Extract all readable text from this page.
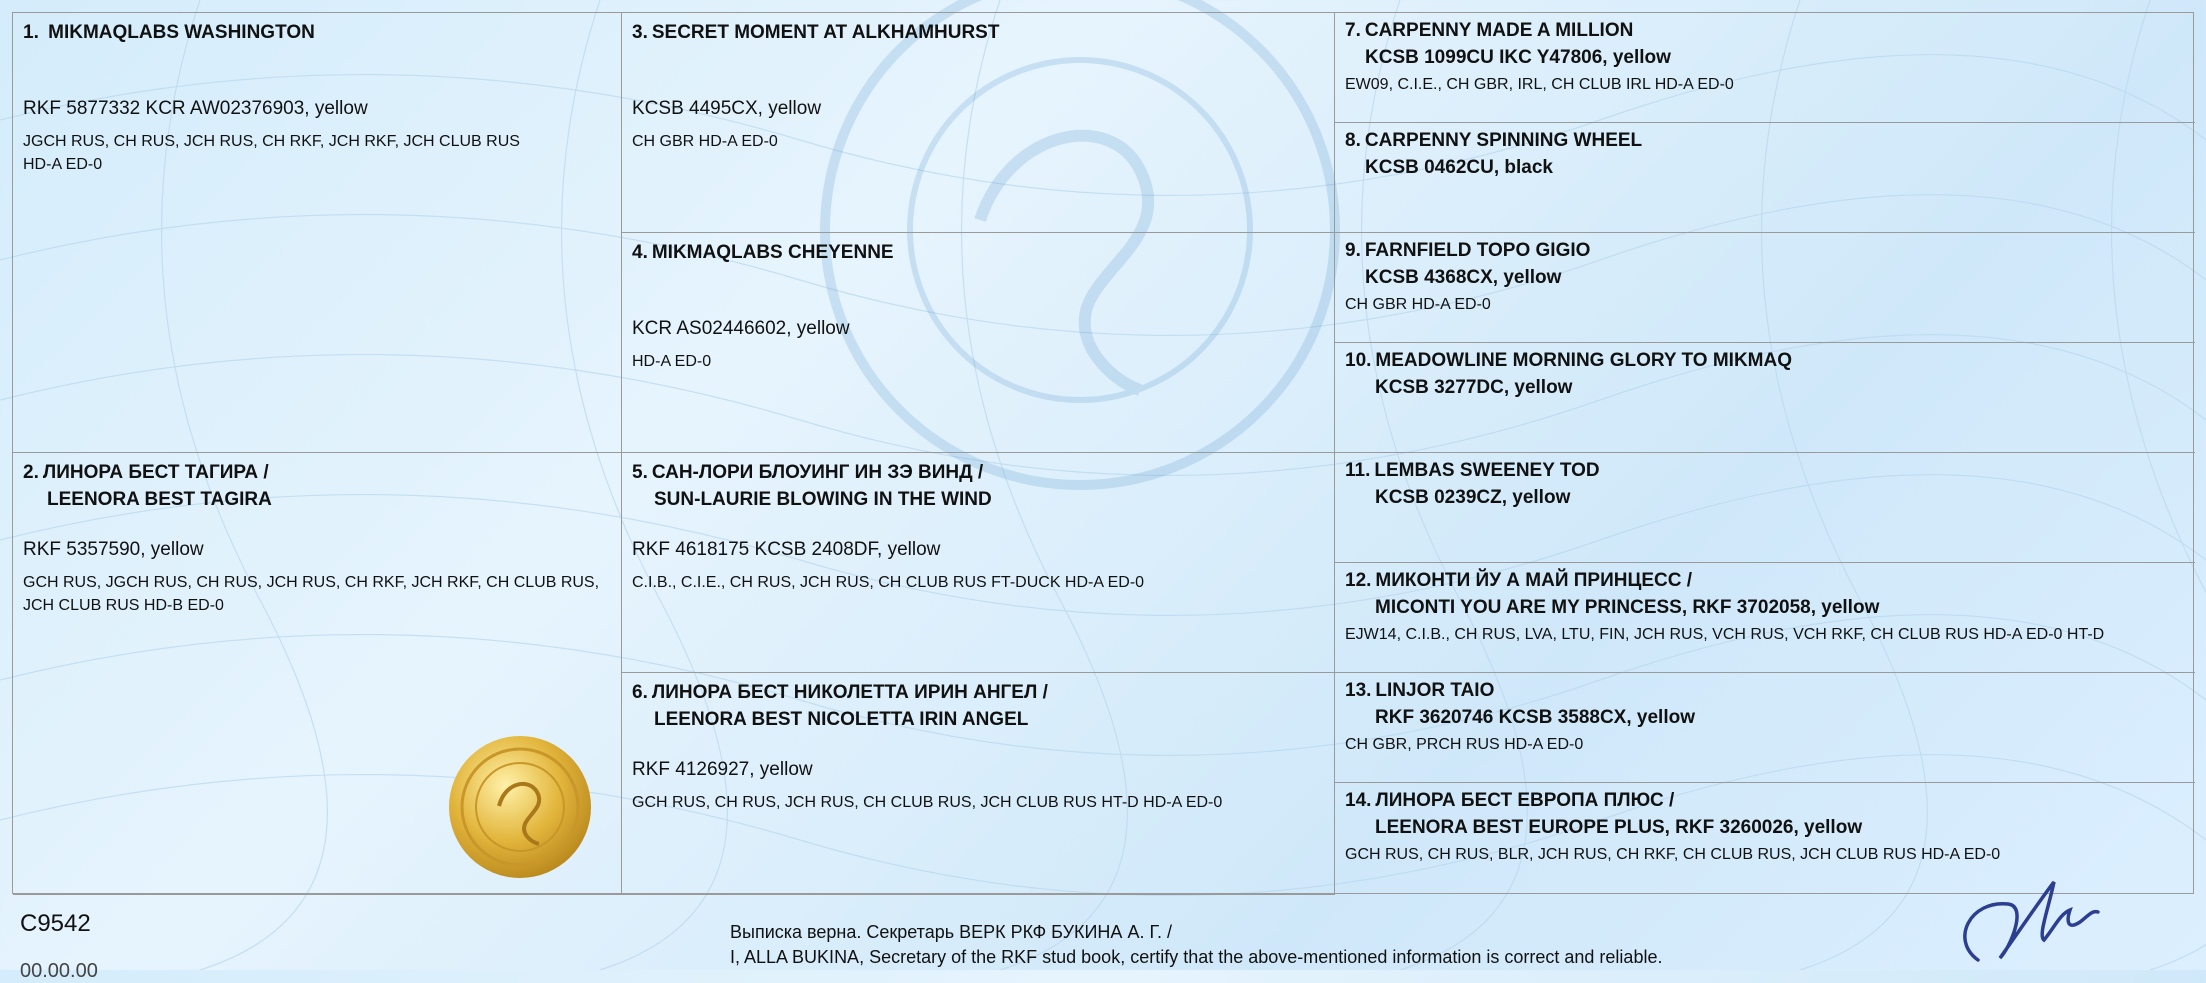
1. MIKMAQLABS WASHINGTON
RKF 5877332 KCR AW02376903, yellow
JGCH RUS, CH RUS, JCH RUS, CH RKF, JCH RKF, JCH CLUB RUS
HD-A ED-0
2. ЛИНОРА БЕСТ ТАГИРА /
LEENORA BEST TAGIRA
RKF 5357590, yellow
GCH RUS, JGCH RUS, CH RUS, JCH RUS, CH RKF, JCH RKF, CH CLUB RUS,
JCH CLUB RUS HD-B ED-0
3. SECRET MOMENT AT ALKHAMHURST
KCSB 4495CX, yellow
CH GBR HD-A ED-0
4. MIKMAQLABS CHEYENNE
KCR AS02446602, yellow
HD-A ED-0
5. САН-ЛОРИ БЛОУИНГ ИН ЗЭ ВИНД /
SUN-LAURIE BLOWING IN THE WIND
RKF 4618175 KCSB 2408DF, yellow
C.I.B., C.I.E., CH RUS, JCH RUS, CH CLUB RUS FT-DUCK HD-A ED-0
6. ЛИНОРА БЕСТ НИКОЛЕТТА ИРИН АНГЕЛ /
LEENORA BEST NICOLETTA IRIN ANGEL
RKF 4126927, yellow
GCH RUS, CH RUS, JCH RUS, CH CLUB RUS, JCH CLUB RUS HT-D HD-A ED-0
7. CARPENNY MADE A MILLION
KCSB 1099CU IKC Y47806, yellow
EW09, C.I.E., CH GBR, IRL, CH CLUB IRL HD-A ED-0
8. CARPENNY SPINNING WHEEL
KCSB 0462CU, black
9. FARNFIELD TOPO GIGIO
KCSB 4368CX, yellow
CH GBR HD-A ED-0
10. MEADOWLINE MORNING GLORY TO MIKMAQ
KCSB 3277DC, yellow
11. LEMBAS SWEENEY TOD
KCSB 0239CZ, yellow
12. МИКОНТИ ЙУ А МАЙ ПРИНЦЕСС /
MICONTI YOU ARE MY PRINCESS, RKF 3702058, yellow
EJW14, C.I.B., CH RUS, LVA, LTU, FIN, JCH RUS, VCH RUS, VCH RKF, CH CLUB RUS HD-A ED-0 HT-D
13. LINJOR TAIO
RKF 3620746 KCSB 3588CX, yellow
CH GBR, PRCH RUS HD-A ED-0
14. ЛИНОРА БЕСТ ЕВРОПА ПЛЮС /
LEENORA BEST EUROPE PLUS, RKF 3260026, yellow
GCH RUS, CH RUS, BLR, JCH RUS, CH RKF, CH CLUB RUS, JCH CLUB RUS HD-A ED-0
C9542
00.00.00
Выписка верна. Секретарь ВЕРК РКФ БУКИНА А. Г. /
I, ALLA BUKINA, Secretary of the RKF stud book, certify that the above-mentioned information is correct and reliable.
